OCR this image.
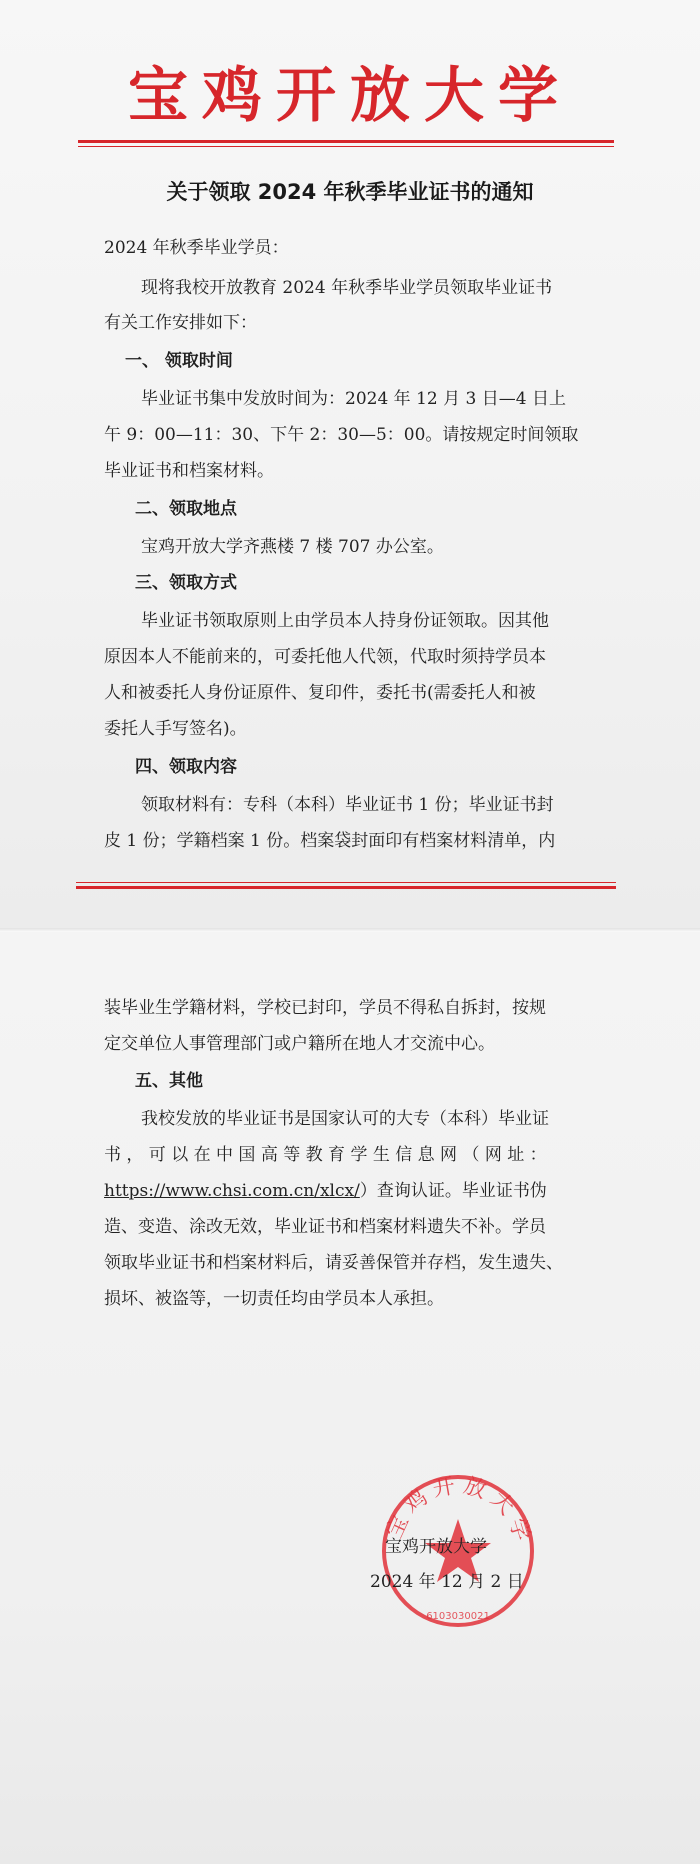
宝鸡开放大学
关于领取 2024 年秋季毕业证书的通知
2024 年秋季毕业学员：
现将我校开放教育 2024 年秋季毕业学员领取毕业证书
有关工作安排如下：
一、 领取时间
毕业证书集中发放时间为：2024 年 12 月 3 日—4 日上
午 9：00—11：30、下午 2：30—5：00。请按规定时间领取
毕业证书和档案材料。
二、领取地点
宝鸡开放大学齐燕楼 7 楼 707 办公室。
三、领取方式
毕业证书领取原则上由学员本人持身份证领取。因其他
原因本人不能前来的，可委托他人代领，代取时须持学员本
人和被委托人身份证原件、复印件，委托书(需委托人和被
委托人手写签名)。
四、领取内容
领取材料有：专科（本科）毕业证书 1 份；毕业证书封
皮 1 份；学籍档案 1 份。档案袋封面印有档案材料清单，内
装毕业生学籍材料，学校已封印，学员不得私自拆封，按规
定交单位人事管理部门或户籍所在地人才交流中心。
五、其他
我校发放的毕业证书是国家认可的大专（本科）毕业证
书 ， 可 以 在 中 国 高 等 教 育 学 生 信 息 网 （ 网 址 ：
https://www.chsi.com.cn/xlcx/）查询认证。毕业证书伪
造、变造、涂改无效，毕业证书和档案材料遗失不补。学员
领取毕业证书和档案材料后，请妥善保管并存档，发生遗失、
损坏、被盗等，一切责任均由学员本人承担。
宝鸡开放大学
6103030021
宝鸡开放大学
2024 年 12 月 2 日
